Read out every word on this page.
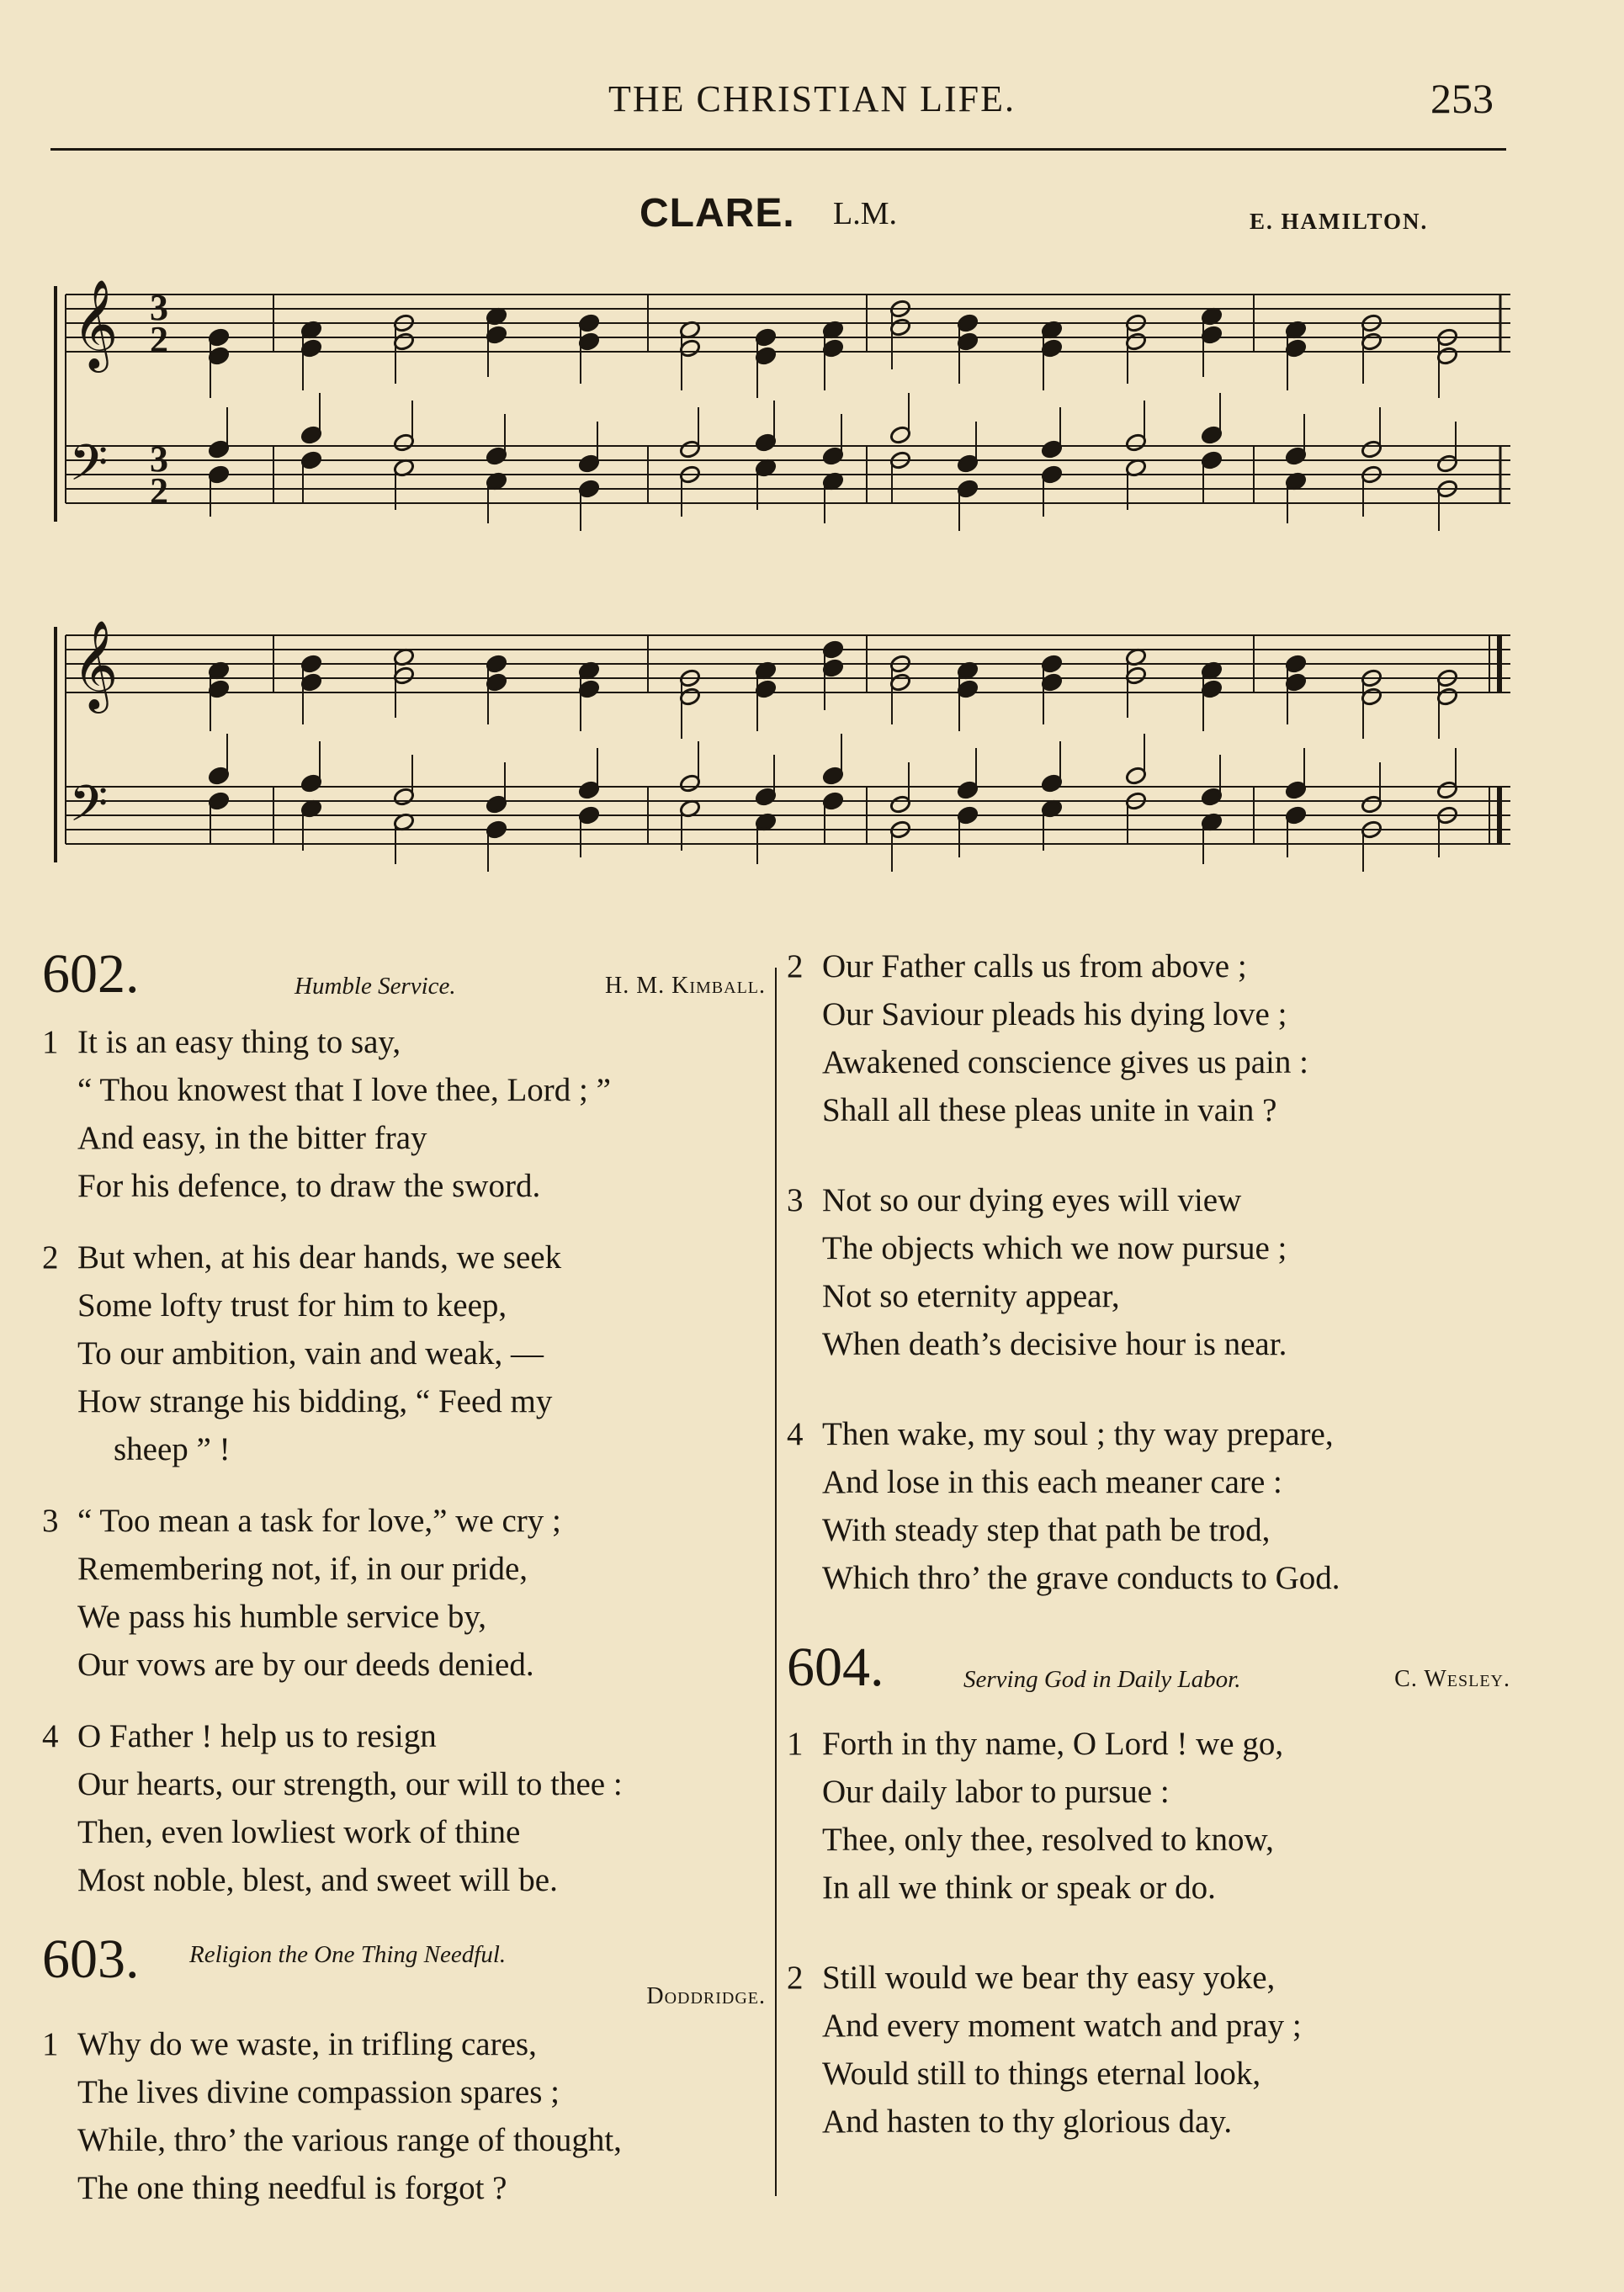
THE CHRISTIAN LIFE.	253
CLARE. L.M.	E. HAMILTON.
𝄞
𝄢
3
2
3
2
𝄞
𝄢
602.	Humble Service.	H. M. Kimball.
1 It is an easy thing to say,
“ Thou knowest that I love thee, Lord ; ”
And easy, in the bitter fray
For his defence, to draw the sword.
2 But when, at his dear hands, we seek
Some lofty trust for him to keep,
To our ambition, vain and weak, —
How strange his bidding, “ Feed my
sheep ” !
3 “ Too mean a task for love,” we cry ;
Remembering not, if, in our pride,
We pass his humble service by,
Our vows are by our deeds denied.
4 O Father ! help us to resign
Our hearts, our strength, our will to thee :
Then, even lowliest work of thine
Most noble, blest, and sweet will be.
603. Religion the One Thing Needful.
Doddridge.
1 Why do we waste, in trifling cares,
The lives divine compassion spares ;
While, thro’ the various range of thought,
The one thing needful is forgot ?
2 Our Father calls us from above ;
Our Saviour pleads his dying love ;
Awakened conscience gives us pain :
Shall all these pleas unite in vain ?
3 Not so our dying eyes will view
The objects which we now pursue ;
Not so eternity appear,
When death’s decisive hour is near.
4 Then wake, my soul ; thy way prepare,
And lose in this each meaner care :
With steady step that path be trod,
Which thro’ the grave conducts to God.
604.	Serving God in Daily Labor.	C. Wesley.
1 Forth in thy name, O Lord ! we go,
Our daily labor to pursue :
Thee, only thee, resolved to know,
In all we think or speak or do.
2 Still would we bear thy easy yoke,
And every moment watch and pray ;
Would still to things eternal look,
And hasten to thy glorious day.
